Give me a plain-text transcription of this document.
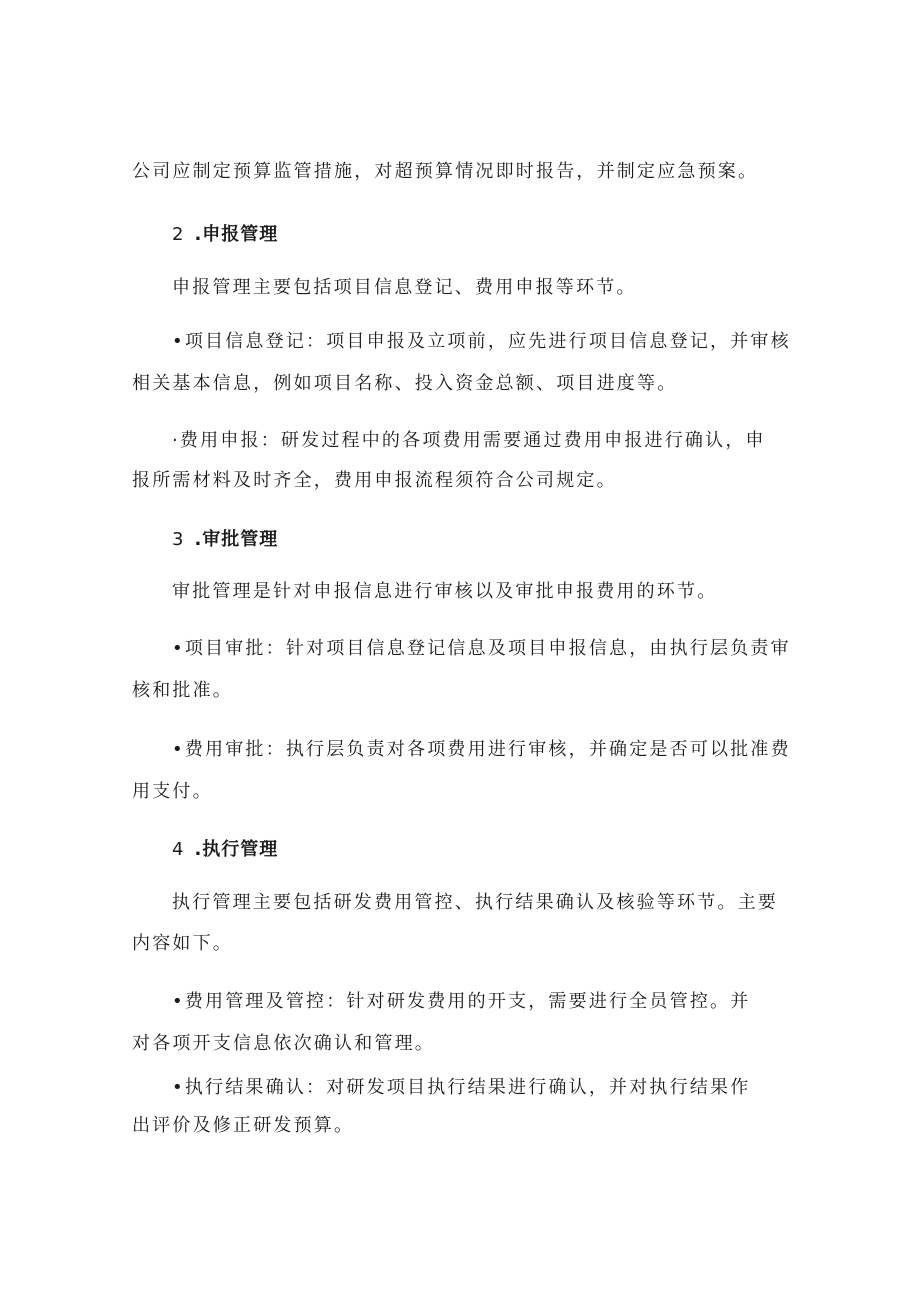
公司应制定预算监管措施，对超预算情况即时报告，并制定应急预案。
2 .申报管理
申报管理主要包括项目信息登记、费用申报等环节。
•项目信息登记：项目申报及立项前，应先进行项目信息登记，并审核
相关基本信息，例如项目名称、投入资金总额、项目进度等。
·费用申报：研发过程中的各项费用需要通过费用申报进行确认，申
报所需材料及时齐全，费用申报流程须符合公司规定。
3 .审批管理
审批管理是针对申报信息进行审核以及审批申报费用的环节。
•项目审批：针对项目信息登记信息及项目申报信息，由执行层负责审
核和批准。
•费用审批：执行层负责对各项费用进行审核，并确定是否可以批准费
用支付。
4 .执行管理
执行管理主要包括研发费用管控、执行结果确认及核验等环节。主要
内容如下。
•费用管理及管控：针对研发费用的开支，需要进行全员管控。并
对各项开支信息依次确认和管理。
•执行结果确认：对研发项目执行结果进行确认，并对执行结果作
出评价及修正研发预算。
